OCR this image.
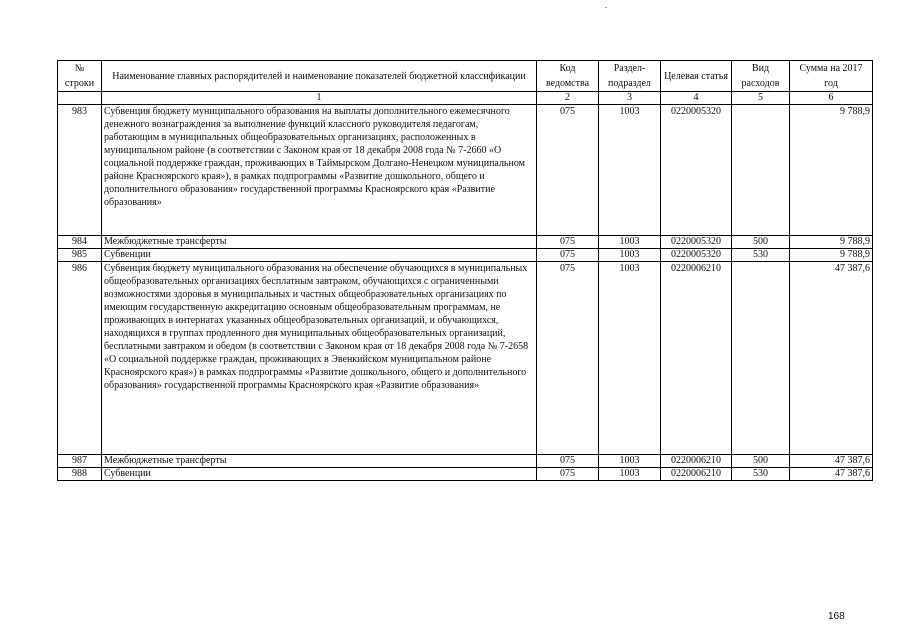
№ строки	Наименование главных распорядителей и наименование показателей бюджетной классификации	Код ведомства	Раздел-подраздел	Целевая статья	Вид расходов	Сумма на 2017 год
	1	2	3	4	5	6
983	Субвенция бюджету муниципального образования на выплаты дополнительного ежемесячного денежного вознаграждения за выполнение функций классного руководителя педагогам, работающим в муниципальных общеобразовательных организациях, расположенных в муниципальном районе (в соответствии с Законом края от 18 декабря 2008 года № 7-2660 «О социальной поддержке граждан, проживающих в Таймырском Долгано-Ненецком муниципальном районе Красноярского края»), в рамках подпрограммы «Развитие дошкольного, общего и дополнительного образования» государственной программы Красноярского края «Развитие образования»	075	1003	0220005320		9 788,9
984	Межбюджетные трансферты	075	1003	0220005320	500	9 788,9
985	Субвенции	075	1003	0220005320	530	9 788,9
986	Субвенция бюджету муниципального образования на обеспечение обучающихся в муниципальных общеобразовательных организациях бесплатным завтраком, обучающихся с ограниченными возможностями здоровья в муниципальных и частных общеобразовательных организациях по имеющим государственную аккредитацию основным общеобразовательным программам, не проживающих в интернатах указанных общеобразовательных организаций, и обучающихся, находящихся в группах продленного дня муниципальных общеобразовательных организаций, бесплатными завтраком и обедом (в соответствии с Законом края от 18 декабря 2008 года № 7-2658 «О социальной поддержке граждан, проживающих в Эвенкийском муниципальном районе Красноярского края») в рамках подпрограммы «Развитие дошкольного, общего и дополнительного образования» государственной программы Красноярского края «Развитие образования»	075	1003	0220006210		47 387,6
987	Межбюджетные трансферты	075	1003	0220006210	500	47 387,6
988	Субвенции	075	1003	0220006210	530	47 387,6
168
